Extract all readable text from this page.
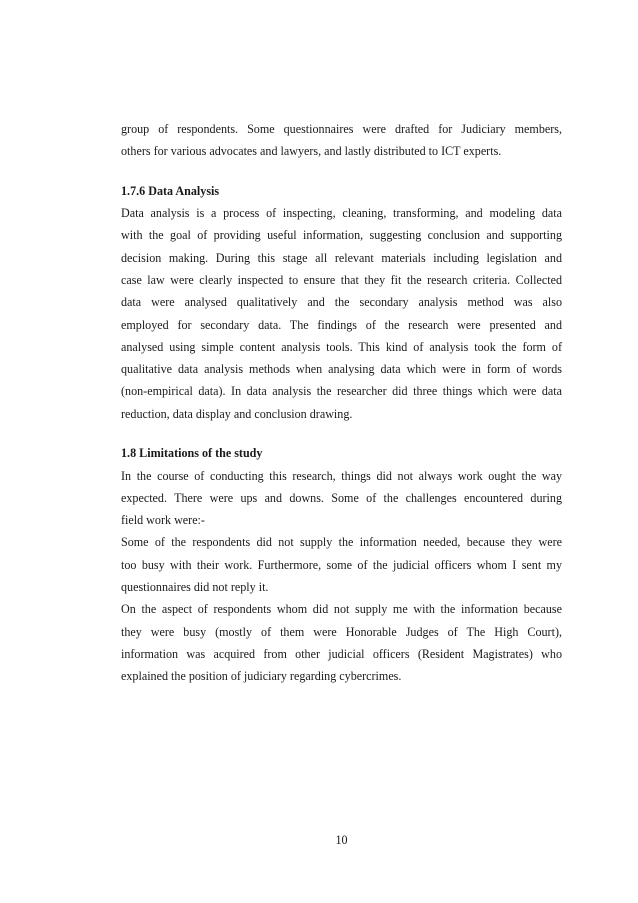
group of respondents. Some questionnaires were drafted for Judiciary members,
others for various advocates and lawyers, and lastly distributed to ICT experts.
1.7.6 Data Analysis
Data analysis is a process of inspecting, cleaning, transforming, and modeling data
with the goal of providing useful information, suggesting conclusion and supporting
decision making. During this stage all relevant materials including legislation and
case law were clearly inspected to ensure that they fit the research criteria. Collected
data were analysed qualitatively and the secondary analysis method was also
employed for secondary data. The findings of the research were presented and
analysed using simple content analysis tools. This kind of analysis took the form of
qualitative data analysis methods when analysing data which were in form of words
(non-empirical data). In data analysis the researcher did three things which were data
reduction, data display and conclusion drawing.
1.8 Limitations of the study
In the course of conducting this research, things did not always work ought the way
expected. There were ups and downs. Some of the challenges encountered during
field work were:-
Some of the respondents did not supply the information needed, because they were
too busy with their work. Furthermore, some of the judicial officers whom I sent my
questionnaires did not reply it.
On the aspect of respondents whom did not supply me with the information because
they were busy (mostly of them were Honorable Judges of The High Court),
information was acquired from other judicial officers (Resident Magistrates) who
explained the position of judiciary regarding cybercrimes.
10
